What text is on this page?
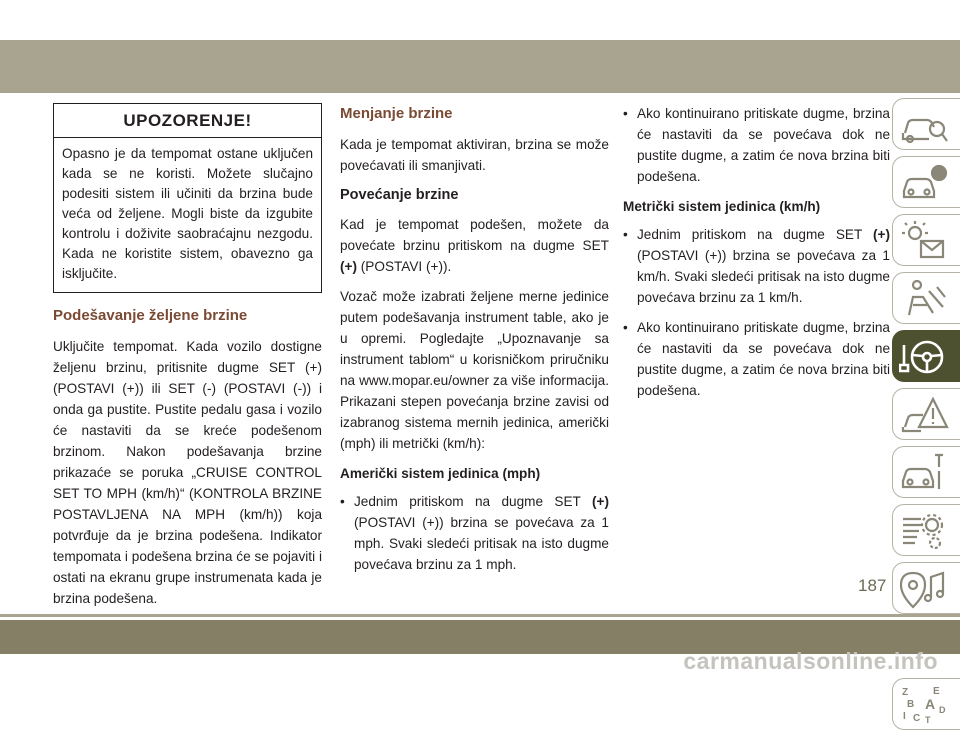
UPOZORENJE!
Opasno je da tempomat ostane uključen kada se ne koristi. Možete slučajno podesiti sistem ili učiniti da brzina bude veća od željene. Mogli biste da izgubite kontrolu i doživite saobraćajnu nezgodu. Kada ne koristite sistem, obavezno ga isključite.
Podešavanje željene brzine

Uključite tempomat. Kada vozilo dostigne željenu brzinu, pritisnite dugme SET (+) (POSTAVI (+)) ili SET (-) (POSTAVI (-)) i onda ga pustite. Pustite pedalu gasa i vozilo će nastaviti da se kreće podešenom brzinom. Nakon podešavanja brzine prikazaće se poruka „CRUISE CONTROL SET TO MPH (km/h)“ (KONTROLA BRZINE POSTAVLJENA NA MPH (km/h)) koja potvrđuje da je brzina podešena. Indikator tempomata i podešena brzina će se pojaviti i ostati na ekranu grupe instrumenata kada je brzina podešena.

Menjanje brzine

Kada je tempomat aktiviran, brzina se može povećavati ili smanjivati.

Povećanje brzine

Kad je tempomat podešen, možete da povećate brzinu pritiskom na dugme SET (+) (POSTAVI (+)).

Vozač može izabrati željene merne jedinice putem podešavanja instrument table, ako je u opremi. Pogledajte „Upoznavanje sa instrument tablom“ u korisničkom priručniku na www.mopar.eu/owner za više informacija. Prikazani stepen povećanja brzine zavisi od izabranog sistema mernih jedinica, američki (mph) ili metrički (km/h):

Američki sistem jedinica (mph)
• Jednim pritiskom na dugme SET (+) (POSTAVI (+)) brzina se povećava za 1 mph. Svaki sledeći pritisak na isto dugme povećava brzinu za 1 mph.
• Ako kontinuirano pritiskate dugme, brzina će nastaviti da se povećava dok ne pustite dugme, a zatim će nova brzina biti podešena.
Metrički sistem jedinica (km/h)
• Jednim pritiskom na dugme SET (+) (POSTAVI (+)) brzina se povećava za 1 km/h. Svaki sledeći pritisak na isto dugme povećava brzinu za 1 km/h.
• Ako kontinuirano pritiskate dugme, brzina će nastaviti da se povećava dok ne pustite dugme, a zatim će nova brzina biti podešena.
Z E
B A
I C
D
T
187
carmanualsonline.info
